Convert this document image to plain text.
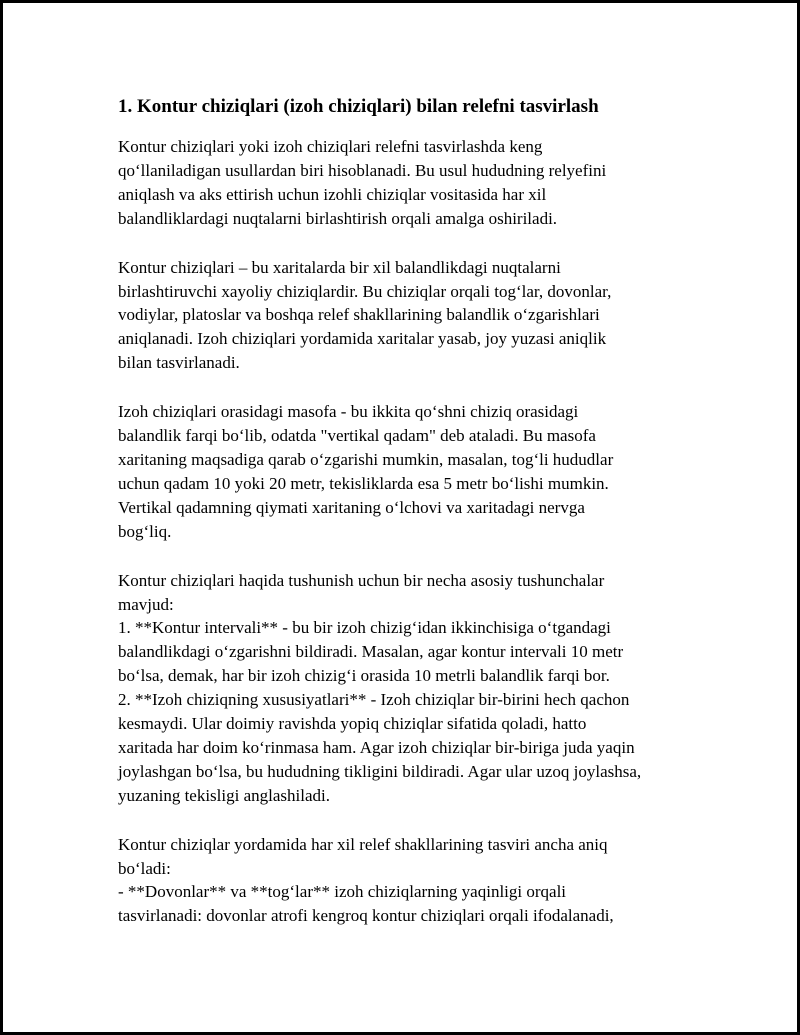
1. Kontur chiziqlari (izoh chiziqlari) bilan relefni tasvirlash
Kontur chiziqlari yoki izoh chiziqlari relefni tasvirlashda keng
qo‘llaniladigan usullardan biri hisoblanadi. Bu usul hududning relyefini
aniqlash va aks ettirish uchun izohli chiziqlar vositasida har xil
balandliklardagi nuqtalarni birlashtirish orqali amalga oshiriladi.
Kontur chiziqlari – bu xaritalarda bir xil balandlikdagi nuqtalarni
birlashtiruvchi xayoliy chiziqlardir. Bu chiziqlar orqali tog‘lar, dovonlar,
vodiylar, platoslar va boshqa relef shakllarining balandlik o‘zgarishlari
aniqlanadi. Izoh chiziqlari yordamida xaritalar yasab, joy yuzasi aniqlik
bilan tasvirlanadi.
Izoh chiziqlari orasidagi masofa - bu ikkita qo‘shni chiziq orasidagi
balandlik farqi bo‘lib, odatda "vertikal qadam" deb ataladi. Bu masofa
xaritaning maqsadiga qarab o‘zgarishi mumkin, masalan, tog‘li hududlar
uchun qadam 10 yoki 20 metr, tekisliklarda esa 5 metr bo‘lishi mumkin.
Vertikal qadamning qiymati xaritaning o‘lchovi va xaritadagi nervga
bog‘liq.
Kontur chiziqlari haqida tushunish uchun bir necha asosiy tushunchalar
mavjud:
1. **Kontur intervali** - bu bir izoh chizig‘idan ikkinchisiga o‘tgandagi
balandlikdagi o‘zgarishni bildiradi. Masalan, agar kontur intervali 10 metr
bo‘lsa, demak, har bir izoh chizig‘i orasida 10 metrli balandlik farqi bor.
2. **Izoh chiziqning xususiyatlari** - Izoh chiziqlar bir-birini hech qachon
kesmaydi. Ular doimiy ravishda yopiq chiziqlar sifatida qoladi, hatto
xaritada har doim ko‘rinmasa ham. Agar izoh chiziqlar bir-biriga juda yaqin
joylashgan bo‘lsa, bu hududning tikligini bildiradi. Agar ular uzoq joylashsa,
yuzaning tekisligi anglashiladi.
Kontur chiziqlar yordamida har xil relef shakllarining tasviri ancha aniq
bo‘ladi:
- **Dovonlar** va **tog‘lar** izoh chiziqlarning yaqinligi orqali
tasvirlanadi: dovonlar atrofi kengroq kontur chiziqlari orqali ifodalanadi,
